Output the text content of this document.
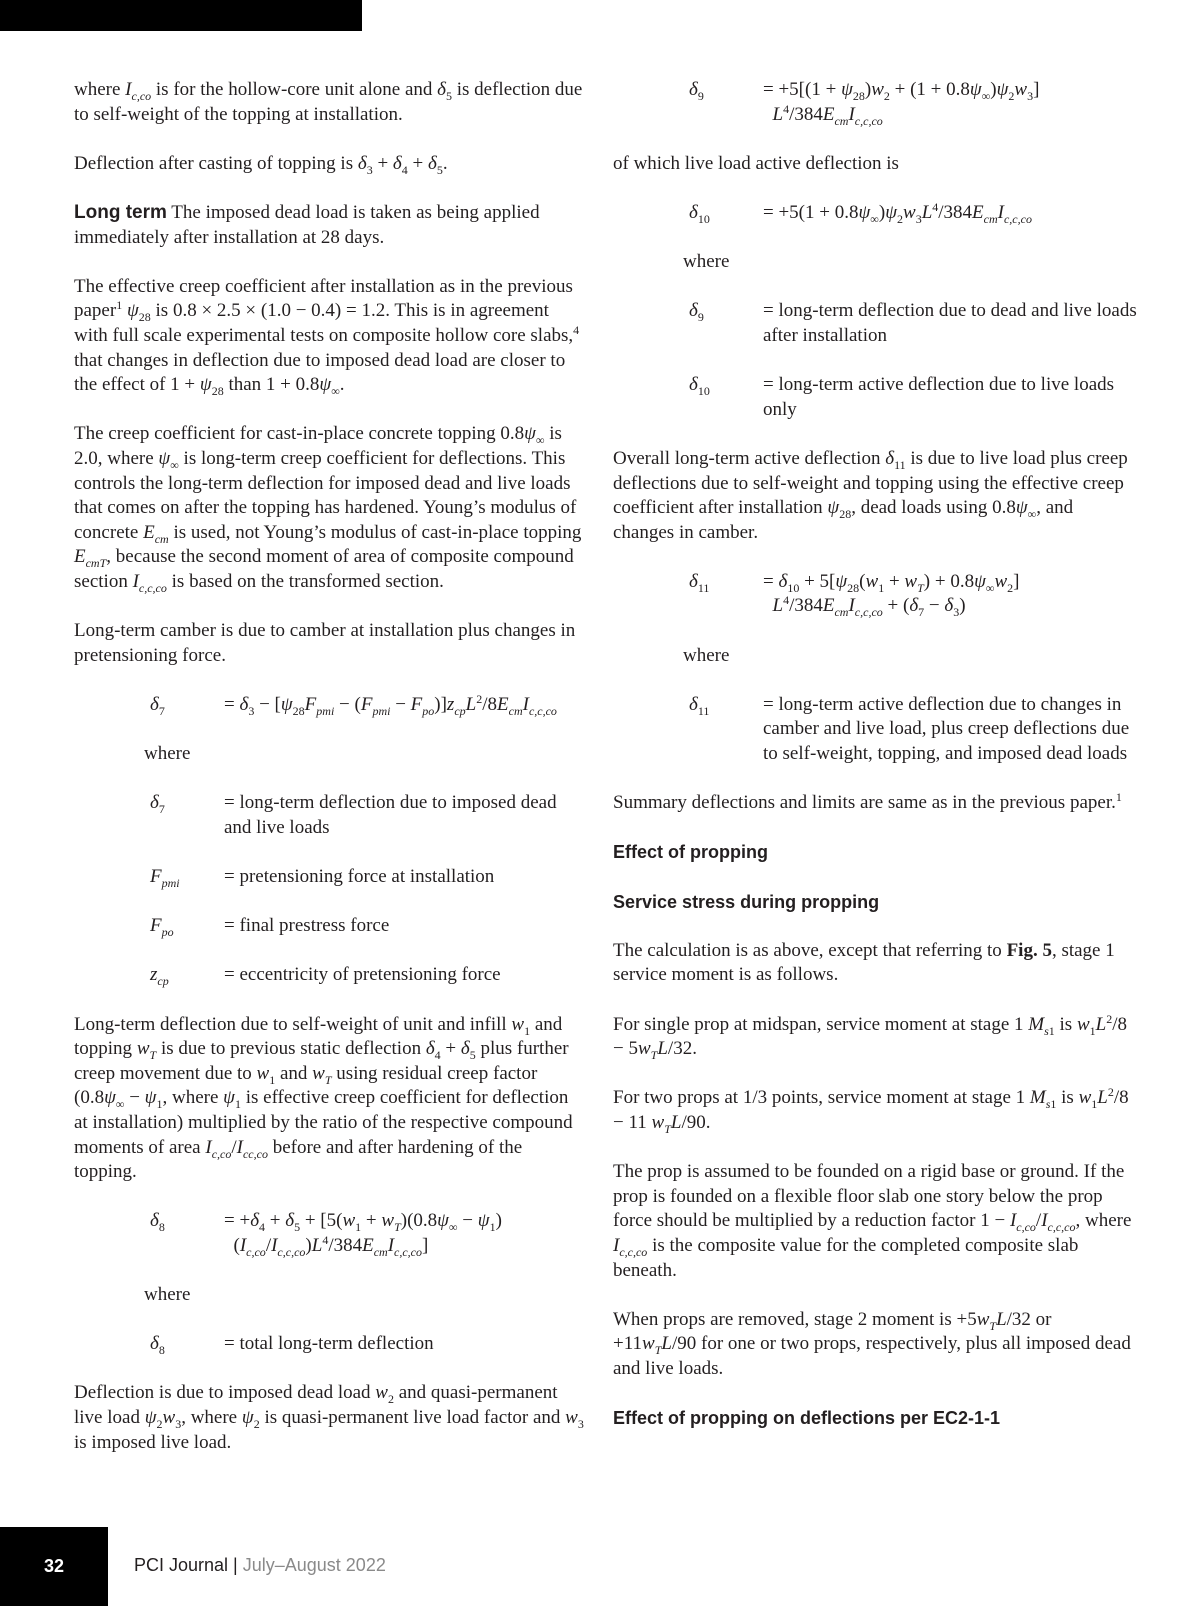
where $I_{c,co}$ is for the hollow-core unit alone and $\delta_5$ is deflection due to self-weight of the topping at installation.

Deflection after casting of topping is $\delta_3 + \delta_4 + \delta_5$.

Long term The imposed dead load is taken as being applied immediately after installation at 28 days.

The effective creep coefficient after installation as in the previous paper$^1$ $\psi_{28}$ is 0.8 × 2.5 × (1.0 − 0.4) = 1.2. This is in agreement with full scale experimental tests on composite hollow core slabs,$^4$ that changes in deflection due to imposed dead load are closer to the effect of $1 + \psi_{28}$ than $1 + 0.8\psi_\infty$.

The creep coefficient for cast-in-place concrete topping $0.8\psi_\infty$ is 2.0, where $\psi_\infty$ is long-term creep coefficient for deflections. This controls the long-term deflection for imposed dead and live loads that comes on after the topping has hardened. Young’s modulus of concrete $E_{cm}$ is used, not Young’s modulus of cast-in-place topping $E_{cmT}$, because the second moment of area of composite compound section $I_{c,c,co}$ is based on the transformed section.

Long-term camber is due to camber at installation plus changes in pretensioning force.

$\delta_7$	= $\delta_3 - [\psi_{28}F_{pmi} - (F_{pmi} - F_{po})]z_{cp}L^2/8E_{cm}I_{c,c,co}$
where
$\delta_7$	= long-term deflection due to imposed dead and live loads
$F_{pmi}$	= pretensioning force at installation
$F_{po}$	= final prestress force
$z_{cp}$	= eccentricity of pretensioning force

Long-term deflection due to self-weight of unit and infill $w_1$ and topping $w_T$ is due to previous static deflection $\delta_4 + \delta_5$ plus further creep movement due to $w_1$ and $w_T$ using residual creep factor ($0.8\psi_\infty - \psi_1$, where $\psi_1$ is effective creep coefficient for deflection at installation) multiplied by the ratio of the respective compound moments of area $I_{c,co}/I_{cc,co}$ before and after hardening of the topping.

$\delta_8$	= $+\delta_4 + \delta_5 + [5(w_1 + w_T)(0.8\psi_\infty - \psi_1)$
$(I_{c,co}/I_{c,c,co})L^4/384E_{cm}I_{c,c,co}$]
where
$\delta_8$	= total long-term deflection

Deflection is due to imposed dead load $w_2$ and quasi-permanent live load $\psi_2w_3$, where $\psi_2$ is quasi-permanent live load factor and $w_3$ is imposed live load.

$\delta_9$	= $+5[(1 + \psi_{28})w_2 + (1 + 0.8\psi_\infty)\psi_2w_3]$
$L^4/384E_{cm}I_{c,c,co}$

of which live load active deflection is

$\delta_{10}$	= $+5(1 + 0.8\psi_\infty)\psi_2w_3L^4/384E_{cm}I_{c,c,co}$
where
$\delta_9$	= long-term deflection due to dead and live loads after installation
$\delta_{10}$	= long-term active deflection due to live loads only

Overall long-term active deflection $\delta_{11}$ is due to live load plus creep deflections due to self-weight and topping using the effective creep coefficient after installation $\psi_{28}$, dead loads using $0.8\psi_\infty$, and changes in camber.

$\delta_{11}$	= $\delta_{10} + 5[\psi_{28}(w_1 + w_T) + 0.8\psi_\infty w_2]$
$L^4/384E_{cm}I_{c,c,co} + (\delta_7 - \delta_3)$
where
$\delta_{11}$	= long-term active deflection due to changes in camber and live load, plus creep deflections due to self-weight, topping, and imposed dead loads

Summary deflections and limits are same as in the previous paper.$^1$

Effect of propping
Service stress during propping

The calculation is as above, except that referring to Fig. 5, stage 1 service moment is as follows.

For single prop at midspan, service moment at stage 1 $M_{s1}$ is $w_1L^2/8 - 5w_TL/32$.

For two props at 1/3 points, service moment at stage 1 $M_{s1}$ is $w_1L^2/8 - 11$ $w_TL/90$.

The prop is assumed to be founded on a rigid base or ground. If the prop is founded on a flexible floor slab one story below the prop force should be multiplied by a reduction factor $1 - I_{c,co}/I_{c,c,co}$, where $I_{c,c,co}$ is the composite value for the completed composite slab beneath.

When props are removed, stage 2 moment is $+5w_TL/32$ or $+11w_TL/90$ for one or two props, respectively, plus all imposed dead and live loads.

Effect of propping on deflections per EC2-1-1
32	PCI Journal | July–August 2022
